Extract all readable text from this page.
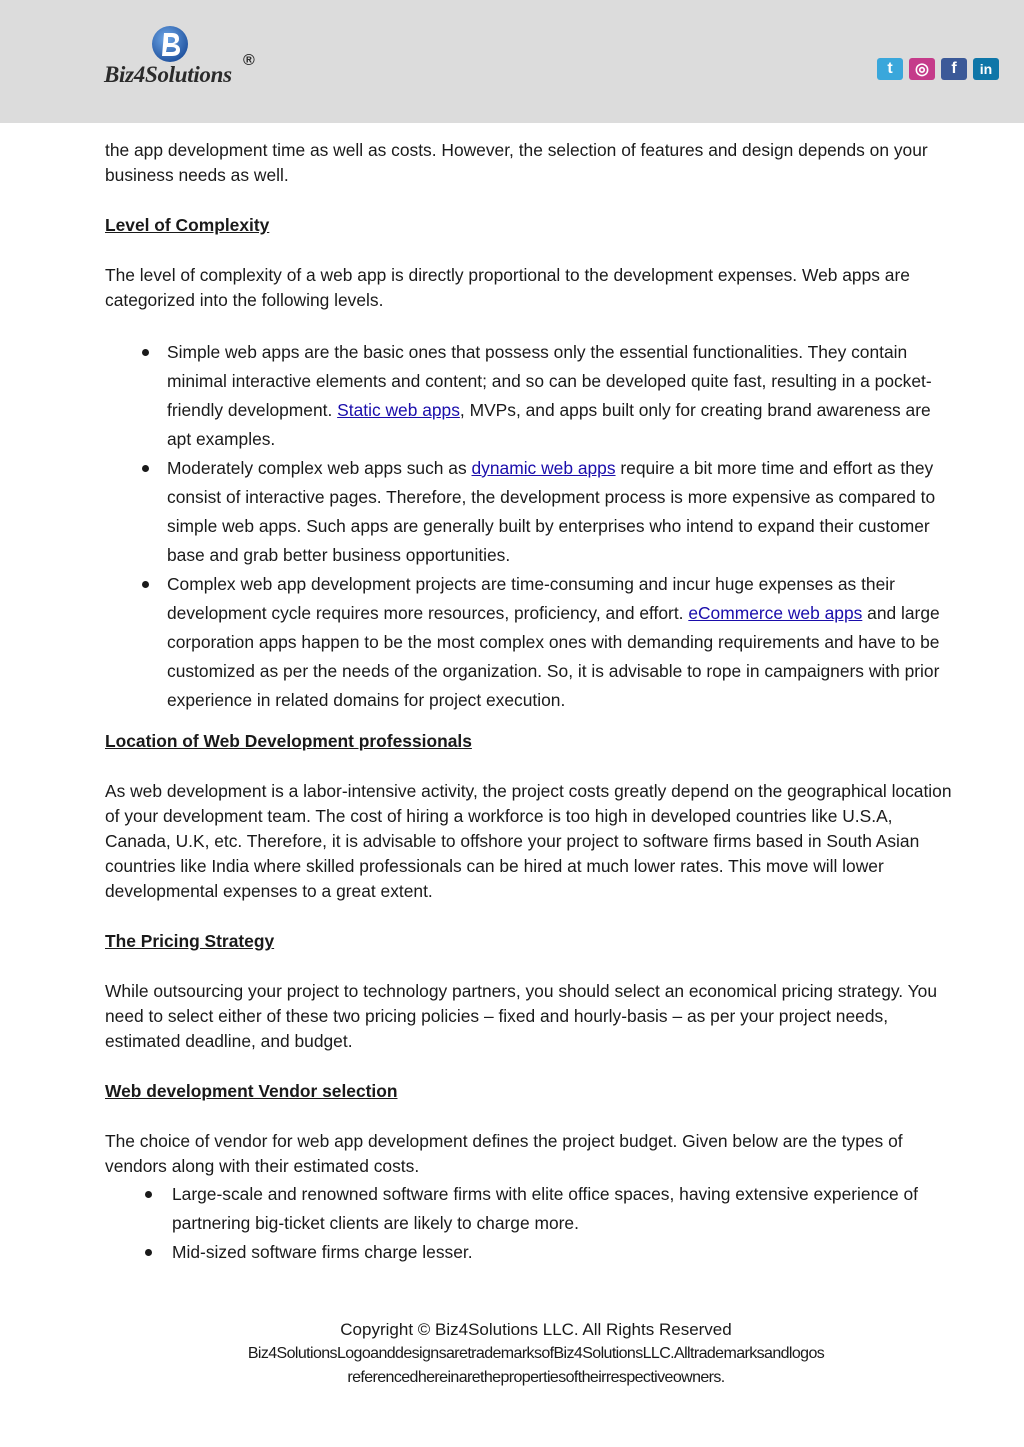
Biz4Solutions
®	t	◎	f	in

the app development time as well as costs. However, the selection of features and design depends on your business needs as well.

Level of Complexity

The level of complexity of a web app is directly proportional to the development expenses. Web apps are categorized into the following levels.

Simple web apps are the basic ones that possess only the essential functionalities. They contain minimal interactive elements and content; and so can be developed quite fast, resulting in a pocket-friendly development. Static web apps, MVPs, and apps built only for creating brand awareness are apt examples.
Moderately complex web apps such as dynamic web apps require a bit more time and effort as they consist of interactive pages. Therefore, the development process is more expensive as compared to simple web apps. Such apps are generally built by enterprises who intend to expand their customer base and grab better business opportunities.
Complex web app development projects are time-consuming and incur huge expenses as their development cycle requires more resources, proficiency, and effort. eCommerce web apps and large corporation apps happen to be the most complex ones with demanding requirements and have to be customized as per the needs of the organization. So, it is advisable to rope in campaigners with prior experience in related domains for project execution.
Location of Web Development professionals

As web development is a labor-intensive activity, the project costs greatly depend on the geographical location of your development team. The cost of hiring a workforce is too high in developed countries like U.S.A, Canada, U.K, etc. Therefore, it is advisable to offshore your project to software firms based in South Asian countries like India where skilled professionals can be hired at much lower rates. This move will lower developmental expenses to a great extent.

The Pricing Strategy

While outsourcing your project to technology partners, you should select an economical pricing strategy. You need to select either of these two pricing policies – fixed and hourly-basis – as per your project needs, estimated deadline, and budget.

Web development Vendor selection

The choice of vendor for web app development defines the project budget. Given below are the types of vendors along with their estimated costs.

Large-scale and renowned software firms with elite office spaces, having extensive experience of partnering big-ticket clients are likely to charge more.
Mid-sized software firms charge lesser.
Copyright © Biz4Solutions LLC. All Rights Reserved
Biz4SolutionsLogoanddesignsaretrademarksofBiz4SolutionsLLC.Alltrademarksandlogos
referencedhereinarethepropertiesoftheirrespectiveowners.
